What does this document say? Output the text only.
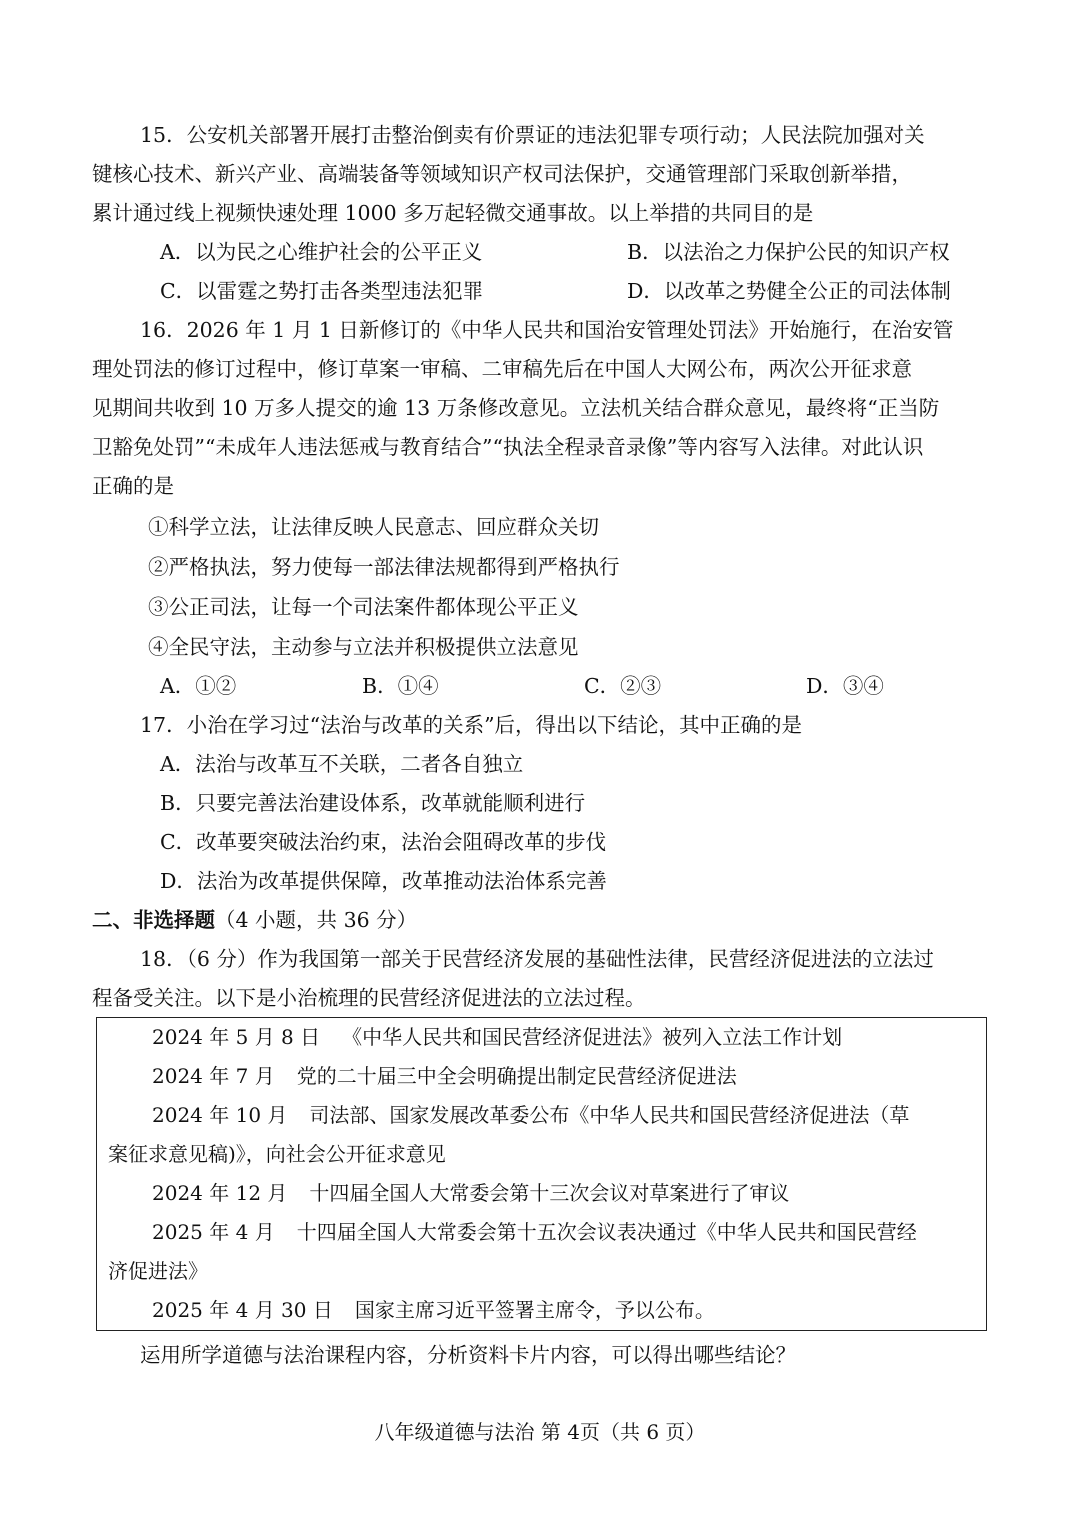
15．公安机关部署开展打击整治倒卖有价票证的违法犯罪专项行动；人民法院加强对关
键核心技术、新兴产业、高端装备等领域知识产权司法保护，交通管理部门采取创新举措，
累计通过线上视频快速处理 1000 多万起轻微交通事故。以上举措的共同目的是
A．以为民之心维护社会的公平正义	B．以法治之力保护公民的知识产权
C．以雷霆之势打击各类型违法犯罪	D．以改革之势健全公正的司法体制
16．2026 年 1 月 1 日新修订的《中华人民共和国治安管理处罚法》开始施行，在治安管
理处罚法的修订过程中，修订草案一审稿、二审稿先后在中国人大网公布，两次公开征求意
见期间共收到 10 万多人提交的逾 13 万条修改意见。立法机关结合群众意见，最终将“正当防
卫豁免处罚”“未成年人违法惩戒与教育结合”“执法全程录音录像”等内容写入法律。对此认识
正确的是
①科学立法，让法律反映人民意志、回应群众关切
②严格执法，努力使每一部法律法规都得到严格执行
③公正司法，让每一个司法案件都体现公平正义
④全民守法，主动参与立法并积极提供立法意见
A．①②	B．①④	C．②③	D．③④
17．小治在学习过“法治与改革的关系”后，得出以下结论，其中正确的是
A．法治与改革互不关联，二者各自独立
B．只要完善法治建设体系，改革就能顺利进行
C．改革要突破法治约束，法治会阻碍改革的步伐
D．法治为改革提供保障，改革推动法治体系完善
二、非选择题（4 小题，共 36 分）
18．（6 分）作为我国第一部关于民营经济发展的基础性法律，民营经济促进法的立法过
程备受关注。以下是小治梳理的民营经济促进法的立法过程。
2024 年 5 月 8 日 《中华人民共和国民营经济促进法》被列入立法工作计划
2024 年 7 月 党的二十届三中全会明确提出制定民营经济促进法
2024 年 10 月 司法部、国家发展改革委公布《中华人民共和国民营经济促进法（草
案征求意见稿)》，向社会公开征求意见
2024 年 12 月 十四届全国人大常委会第十三次会议对草案进行了审议
2025 年 4 月 十四届全国人大常委会第十五次会议表决通过《中华人民共和国民营经
济促进法》
2025 年 4 月 30 日 国家主席习近平签署主席令，予以公布。
运用所学道德与法治课程内容，分析资料卡片内容，可以得出哪些结论？
八年级道德与法治 第 4页（共 6 页）
